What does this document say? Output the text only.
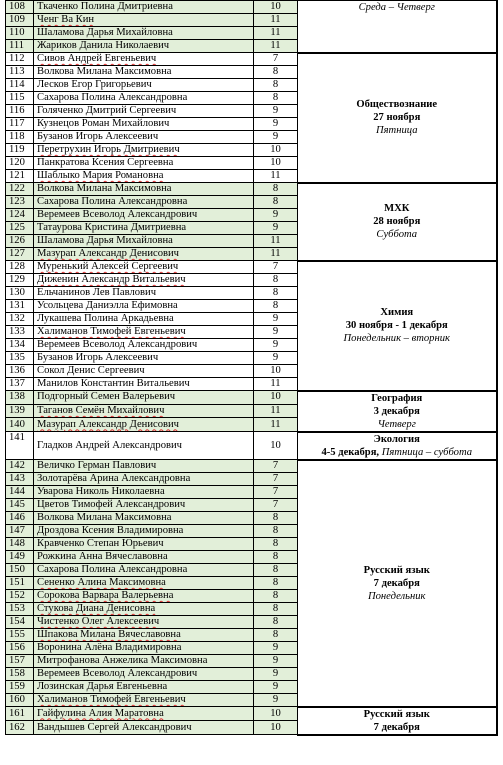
108	Ткаченко Полина Дмитриевна	10	Среда – Четверг

109	Ченг Ва Кин	11	
110	Шаламова Дарья Михайловна	11	
111	Жариков Данила Николаевич	11	
112	Сивов Андрей Евгеньевич	7	Обществознание
27 ноября
Пятница

113	Волкова Милана Максимовна	8	
114	Лесков Егор Григорьевич	8	
115	Сахарова Полина Александровна	8	
116	Голяченко Дмитрий Сергеевич	9	
117	Кузнецов Роман Михайлович	9	
118	Бузанов Игорь Алексеевич	9	
119	Перетрухин Игорь Дмитриевич	10	
120	Панкратова Ксения Сергеевна	10	
121	Шаблыко Мария Романовна	11	
122	Волкова Милана Максимовна	8	МХК
28 ноября
Суббота

123	Сахарова Полина Александровна	8	
124	Веремеев Всеволод Александрович	9	
125	Татаурова Кристина Дмитриевна	9	
126	Шаламова Дарья Михайловна	11	
127	Мазурап Александр Денисович	11	
128	Муренький Алексей Сергеевич	7	Химия
30 ноября - 1 декабря
Понедельник – вторник

129	Диженин Александр Витальевич	8	
130	Ельчанинов Лев Павлович	8	
131	Усольцева Даниэлла Ефимовна	8	
132	Лукашева Полина Аркадьевна	9	
133	Халиманов Тимофей Евгеньевич	9	
134	Веремеев Всеволод Александрович	9	
135	Бузанов Игорь Алексеевич	9	
136	Сокол Денис Сергеевич	10	
137	Манилов Константин Витальевич	11	
138	Подгорный Семен Валерьевич	10	География
3 декабря
Четверг

139	Таганов Семён Михайлович	11	
140	Мазурап Александр Денисович	11	
141	Гладков Андрей Александрович	10	Экология
4-5 декабря, Пятница – суббота

142	Величко Герман Павлович	7	Русский язык
7 декабря
Понедельник

143	Золотарёва Арина Александровна	7	
144	Уварова Николь Николаевна	7	
145	Цветов Тимофей Александрович	7	
146	Волкова Милана Максимовна	8	
147	Дроздова Ксения Владимировна	8	
148	Кравченко Степан Юрьевич	8	
149	Рожкина Анна Вячеславовна	8	
150	Сахарова Полина Александровна	8	
151	Сененко Алина Максимовна	8	
152	Сорокова Варвара Валерьевна	8	
153	Стукова Диана Денисовна	8	
154	Чистенко Олег Алексеевич	8	
155	Шпакова Милана Вячеславовна	8	
156	Воронина Алёна Владимировна	9	
157	Митрофанова Анжелика Максимовна	9	
158	Веремеев Всеволод Александрович	9	
159	Лозинская Дарья Евгеньевна	9	
160	Халиманов Тимофей Евгеньевич	9	
161	Гайфулина Алия Маратовна	10	Русский язык
7 декабря

162	Вандышев Сергей Александрович	10	
